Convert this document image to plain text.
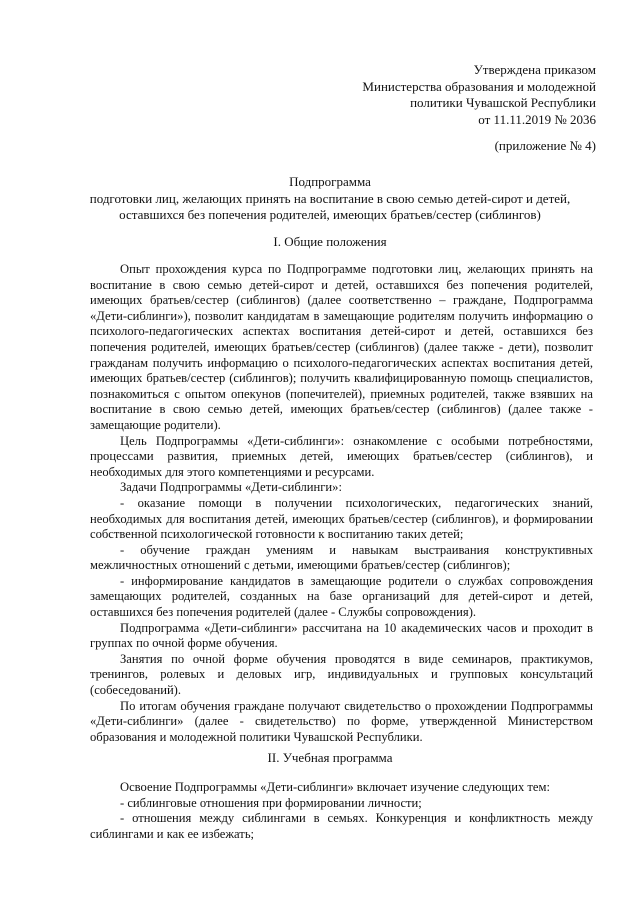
Утверждена приказом
Министерства образования и молодежной
политики Чувашской Республики
от 11.11.2019 № 2036
(приложение № 4)
Подпрограмма
подготовки лиц, желающих принять на воспитание в свою семью детей-сирот и детей,
оставшихся без попечения родителей, имеющих братьев/сестер (сиблингов)
I. Общие положения

Опыт прохождения курса по Подпрограмме подготовки лиц, желающих принять на воспитание в свою семью детей-сирот и детей, оставшихся без попечения родителей, имеющих братьев/сестер (сиблингов) (далее соответственно – граждане, Подпрограмма «Дети-сиблинги»), позволит кандидатам в замещающие родителям получить информацию о психолого-педагогических аспектах воспитания детей-сирот и детей, оставшихся без попечения родителей, имеющих братьев/сестер (сиблингов) (далее также - дети), позволит гражданам получить информацию о психолого-педагогических аспектах воспитания детей, имеющих братьев/сестер (сиблингов); получить квалифицированную помощь специалистов, познакомиться с опытом опекунов (попечителей), приемных родителей, также взявших на воспитание в свою семью детей, имеющих братьев/сестер (сиблингов) (далее также - замещающие родители).

Цель Подпрограммы «Дети-сиблинги»: ознакомление с особыми потребностями, процессами развития, приемных детей, имеющих братьев/сестер (сиблингов), и необходимых для этого компетенциями и ресурсами.

Задачи Подпрограммы «Дети-сиблинги»:

- оказание помощи в получении психологических, педагогических знаний, необходимых для воспитания детей, имеющих братьев/сестер (сиблингов), и формировании собственной психологической готовности к воспитанию таких детей;

- обучение граждан умениям и навыкам выстраивания конструктивных межличностных отношений с детьми, имеющими братьев/сестер (сиблингов);

- информирование кандидатов в замещающие родители о службах сопровождения замещающих родителей, созданных на базе организаций для детей-сирот и детей, оставшихся без попечения родителей (далее - Службы сопровождения).

Подпрограмма «Дети-сиблинги» рассчитана на 10 академических часов и проходит в группах по очной форме обучения.

Занятия по очной форме обучения проводятся в виде семинаров, практикумов, тренингов, ролевых и деловых игр, индивидуальных и групповых консультаций (собеседований).

По итогам обучения граждане получают свидетельство о прохождении Подпрограммы «Дети-сиблинги» (далее - свидетельство) по форме, утвержденной Министерством образования и молодежной политики Чувашской Республики.

II. Учебная программа

Освоение Подпрограммы «Дети-сиблинги» включает изучение следующих тем:

- сиблинговые отношения при формировании личности;

- отношения между сиблингами в семьях. Конкуренция и конфликтность между сиблингами и как ее избежать;
